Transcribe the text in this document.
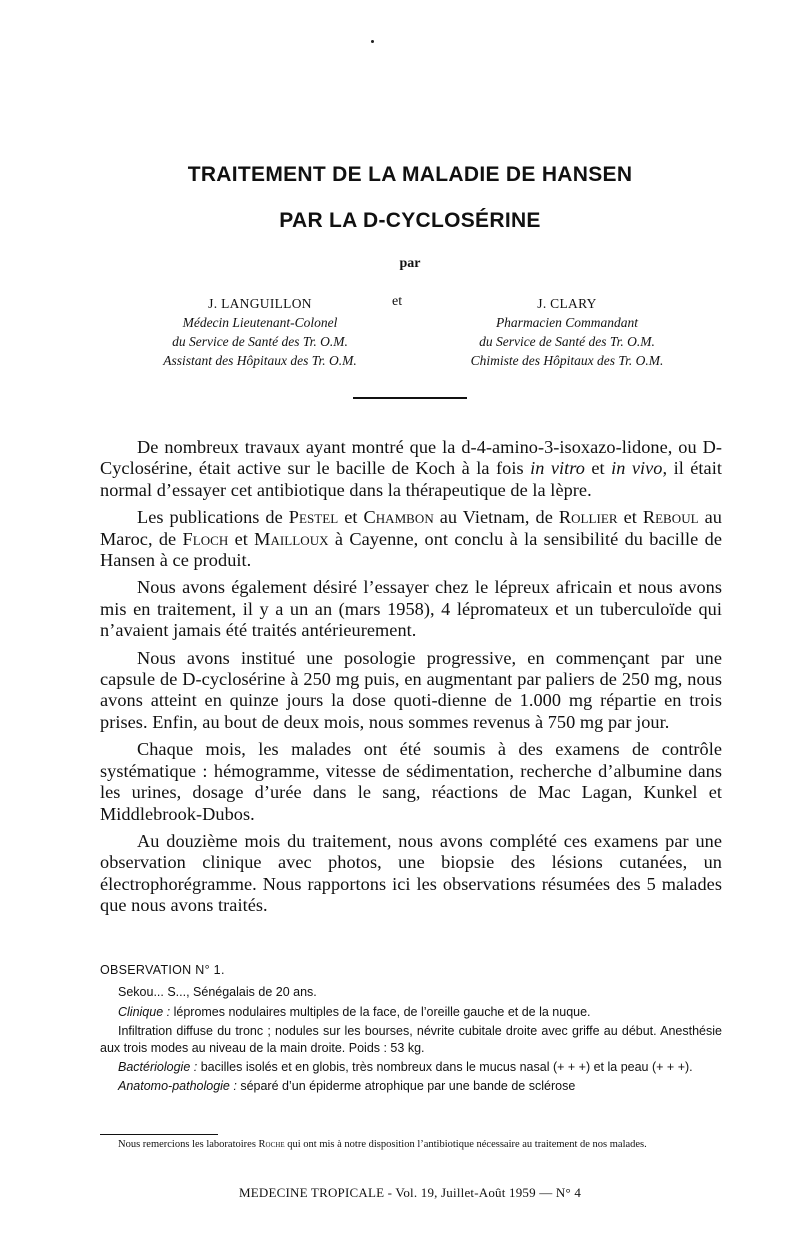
TRAITEMENT DE LA MALADIE DE HANSEN
PAR LA D-CYCLOSÉRINE
par
J. LANGUILLON
Médecin Lieutenant-Colonel
du Service de Santé des Tr. O.M.
Assistant des Hôpitaux des Tr. O.M.
et	J. CLARY
Pharmacien Commandant
du Service de Santé des Tr. O.M.
Chimiste des Hôpitaux des Tr. O.M.

De nombreux travaux ayant montré que la d-4-amino-3-isoxazo-lidone, ou D-Cyclosérine, était active sur le bacille de Koch à la fois in vitro et in vivo, il était normal d’essayer cet antibiotique dans la thérapeutique de la lèpre.

Les publications de Pestel et Chambon au Vietnam, de Rollier et Reboul au Maroc, de Floch et Mailloux à Cayenne, ont conclu à la sensibilité du bacille de Hansen à ce produit.

Nous avons également désiré l’essayer chez le lépreux africain et nous avons mis en traitement, il y a un an (mars 1958), 4 lépromateux et un tuberculoïde qui n’avaient jamais été traités antérieurement.

Nous avons institué une posologie progressive, en commençant par une capsule de D-cyclosérine à 250 mg puis, en augmentant par paliers de 250 mg, nous avons atteint en quinze jours la dose quoti-dienne de 1.000 mg répartie en trois prises. Enfin, au bout de deux mois, nous sommes revenus à 750 mg par jour.

Chaque mois, les malades ont été soumis à des examens de contrôle systématique : hémogramme, vitesse de sédimentation, recherche d’albumine dans les urines, dosage d’urée dans le sang, réactions de Mac Lagan, Kunkel et Middlebrook-Dubos.

Au douzième mois du traitement, nous avons complété ces examens par une observation clinique avec photos, une biopsie des lésions cutanées, un électrophorégramme. Nous rapportons ici les observations résumées des 5 malades que nous avons traités.

OBSERVATION N° 1.

Sekou... S..., Sénégalais de 20 ans.

Clinique : lépromes nodulaires multiples de la face, de l’oreille gauche et de la nuque.

Infiltration diffuse du tronc ; nodules sur les bourses, névrite cubitale droite avec griffe au début. Anesthésie aux trois modes au niveau de la main droite. Poids : 53 kg.

Bactériologie : bacilles isolés et en globis, très nombreux dans le mucus nasal (+ + +) et la peau (+ + +).

Anatomo-pathologie : séparé d’un épiderme atrophique par une bande de sclérose

Nous remercions les laboratoires Roche qui ont mis à notre disposition l’antibiotique nécessaire au traitement de nos malades.
MEDECINE TROPICALE - Vol. 19, Juillet-Août 1959 — N° 4
